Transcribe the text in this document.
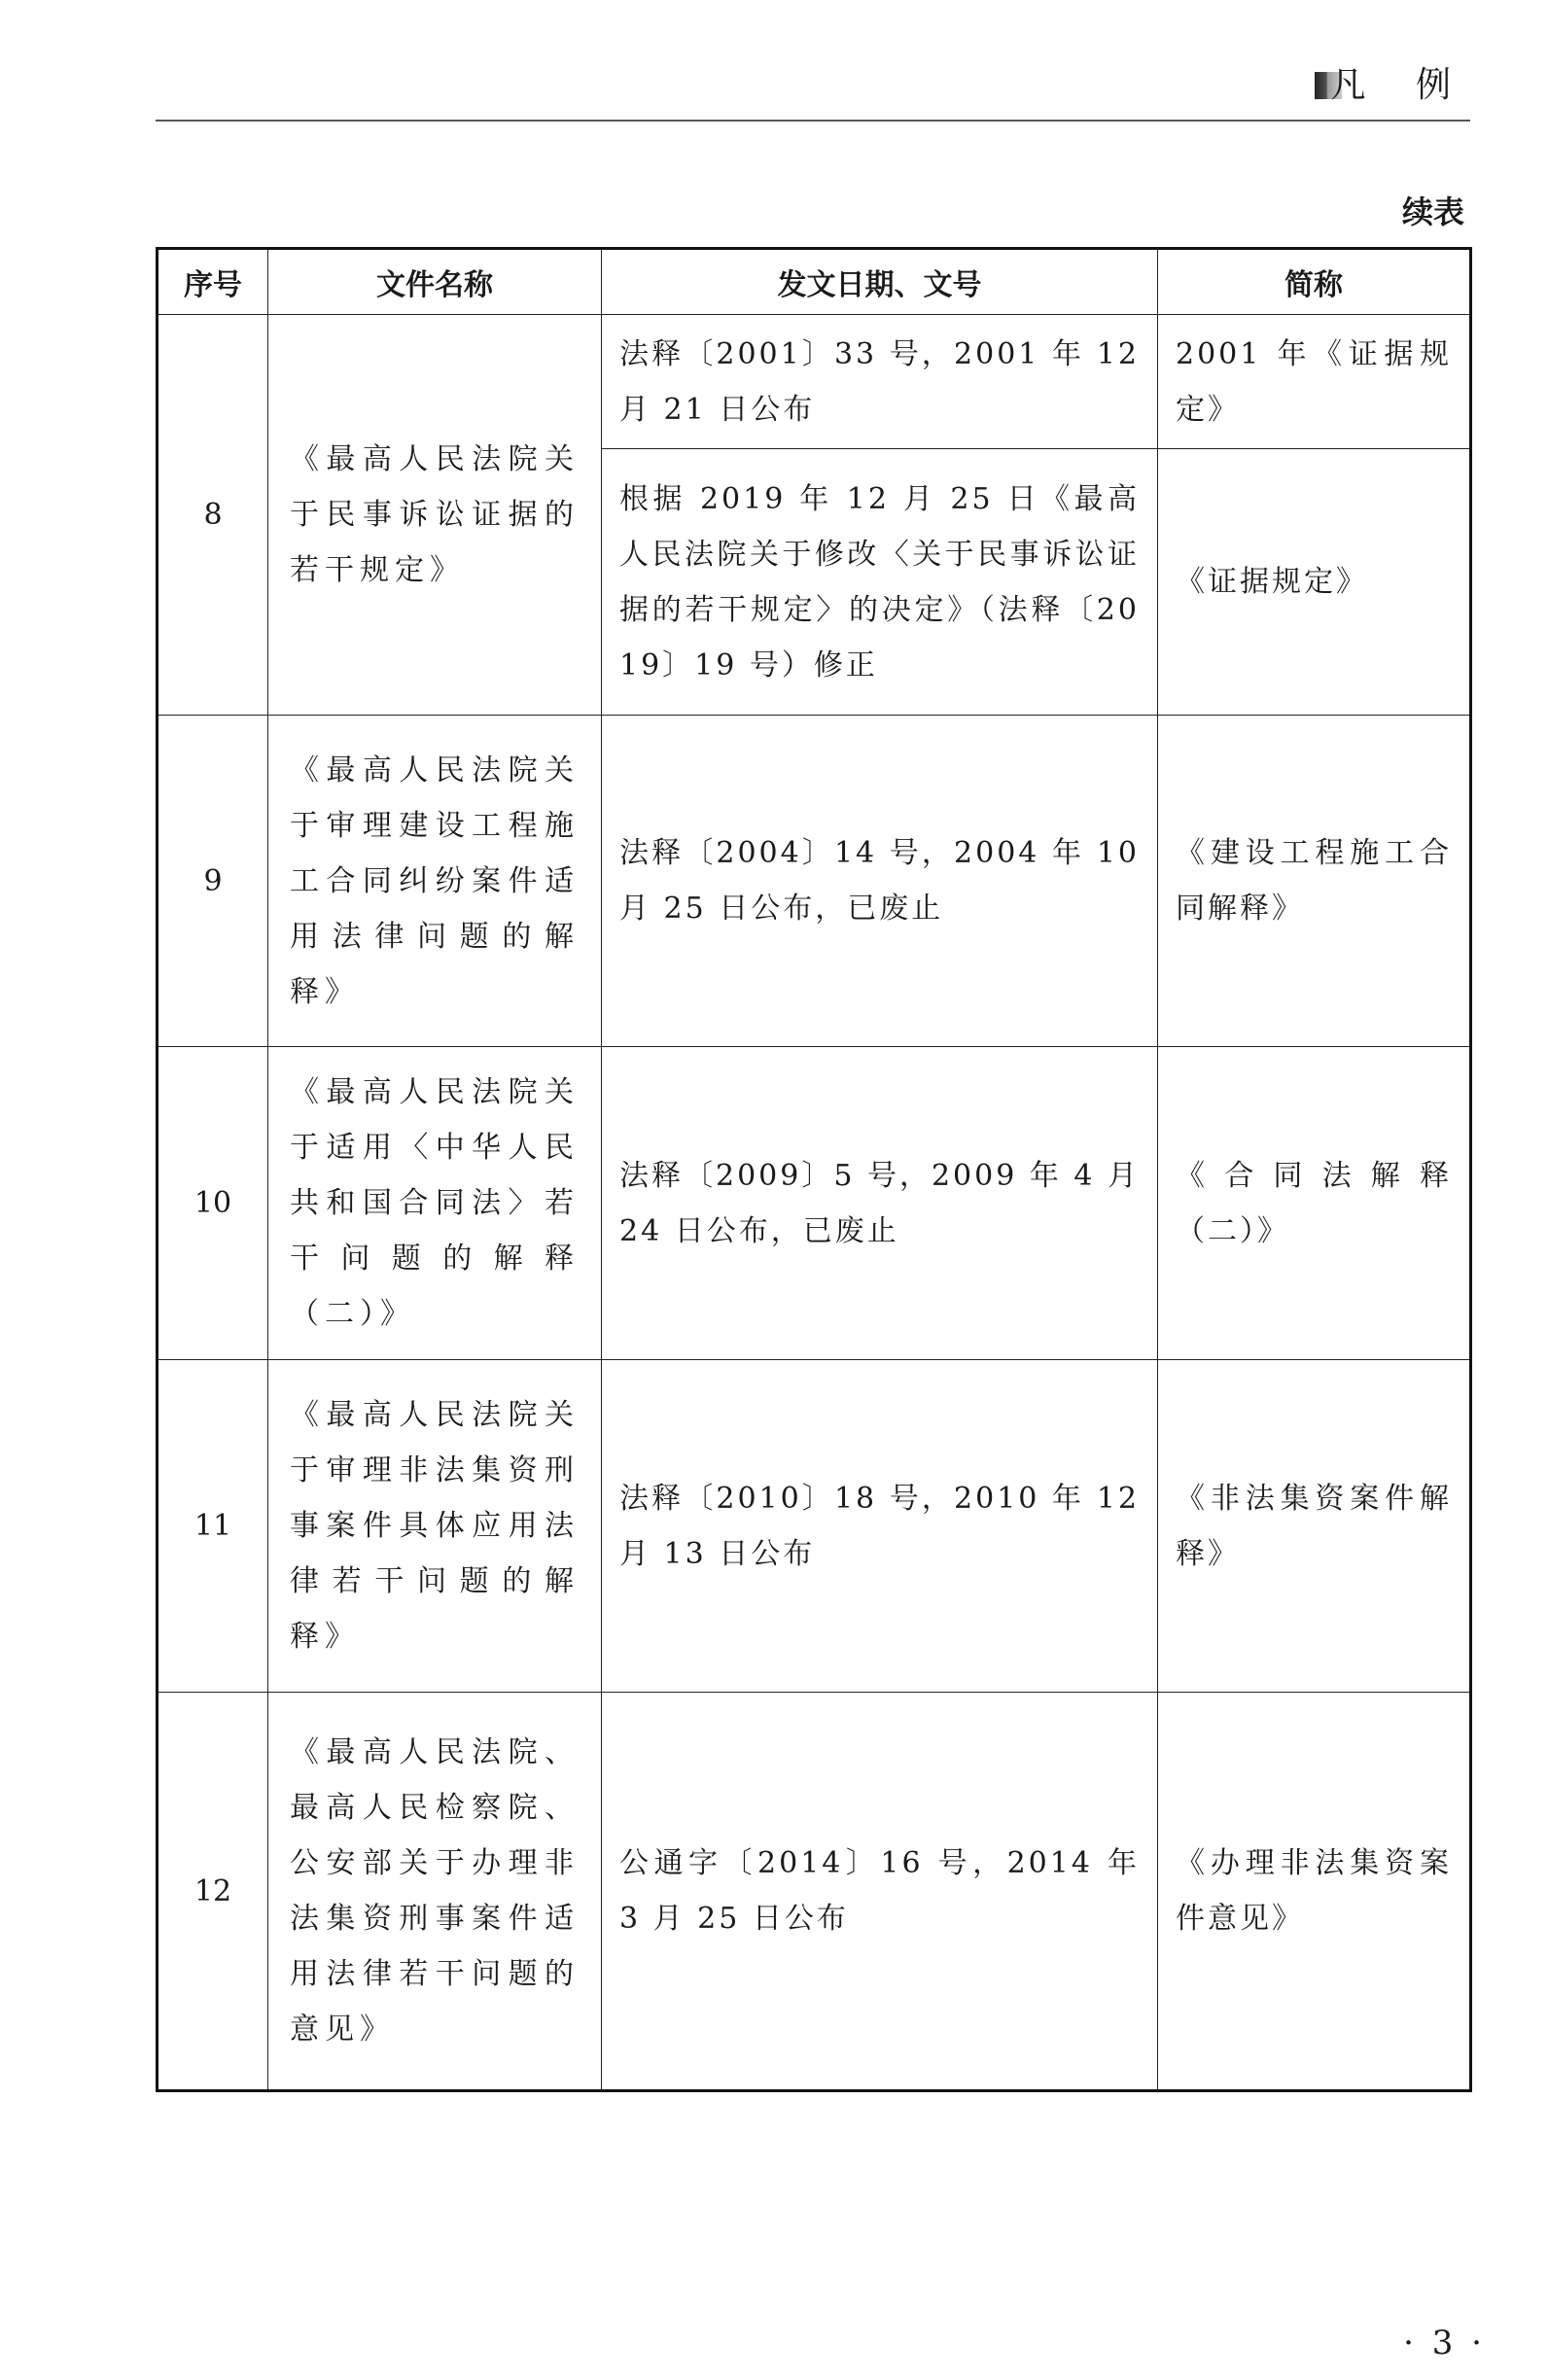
凡 例
续表
序号	文件名称	发文日期、文号	简称
8	《最高人民法院关于民事诉讼证据的若干规定》	法释〔2001〕33 号，2001 年 12 月 21 日公布	2001 年《证据规定》
		根据 2019 年 12 月 25 日《最高人民法院关于修改〈关于民事诉讼证据的若干规定〉的决定》（法释〔2019〕19 号）修正	《证据规定》
9	《最高人民法院关于审理建设工程施工合同纠纷案件适用法律问题的解释》	法释〔2004〕14 号，2004 年 10 月 25 日公布，已废止	《建设工程施工合同解释》
10	《最高人民法院关于适用〈中华人民共和国合同法〉若干问题的解释（二）》	法释〔2009〕5 号，2009 年 4 月 24 日公布，已废止	《合同法解释（二）》
11	《最高人民法院关于审理非法集资刑事案件具体应用法律若干问题的解释》	法释〔2010〕18 号，2010 年 12 月 13 日公布	《非法集资案件解释》
12	《最高人民法院、最高人民检察院、公安部关于办理非法集资刑事案件适用法律若干问题的意见》	公通字〔2014〕16 号，2014 年 3 月 25 日公布	《办理非法集资案件意见》
· 3 ·
